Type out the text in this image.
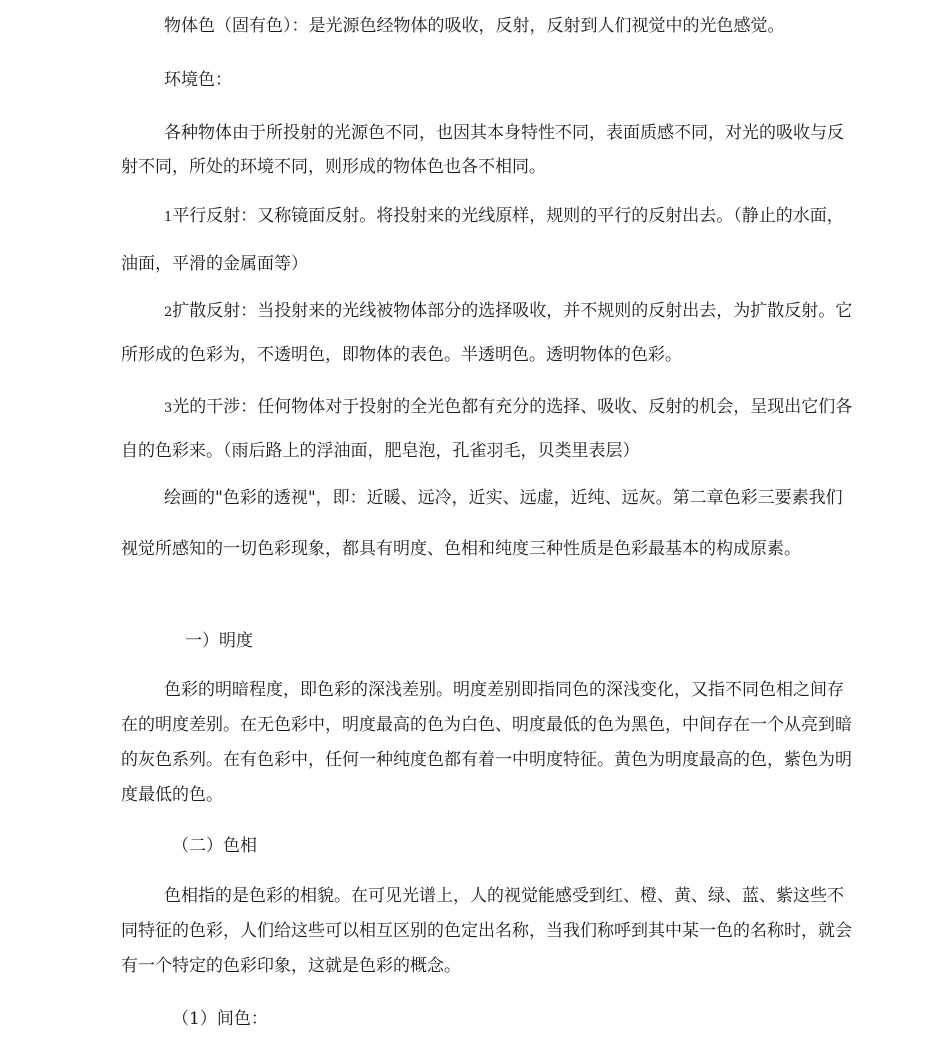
物体色（固有色）：是光源色经物体的吸收，反射，反射到人们视觉中的光色感觉。

环境色：

各种物体由于所投射的光源色不同，也因其本身特性不同，表面质感不同，对光的吸收与反射不同，所处的环境不同，则形成的物体色也各不相同。

1平行反射：又称镜面反射。将投射来的光线原样，规则的平行的反射出去。（静止的水面，油面，平滑的金属面等）

2扩散反射：当投射来的光线被物体部分的选择吸收，并不规则的反射出去，为扩散反射。它所形成的色彩为，不透明色，即物体的表色。半透明色。透明物体的色彩。

3光的干涉：任何物体对于投射的全光色都有充分的选择、吸收、反射的机会，呈现出它们各自的色彩来。（雨后路上的浮油面，肥皂泡，孔雀羽毛，贝类里表层）

绘画的"色彩的透视"，即：近暖、远冷，近实、远虚，近纯、远灰。第二章色彩三要素我们视觉所感知的一切色彩现象，都具有明度、色相和纯度三种性质是色彩最基本的构成原素。

一）明度

色彩的明暗程度，即色彩的深浅差别。明度差别即指同色的深浅变化，又指不同色相之间存在的明度差别。在无色彩中，明度最高的色为白色、明度最低的色为黑色，中间存在一个从亮到暗的灰色系列。在有色彩中，任何一种纯度色都有着一中明度特征。黄色为明度最高的色，紫色为明度最低的色。

（二）色相

色相指的是色彩的相貌。在可见光谱上，人的视觉能感受到红、橙、黄、绿、蓝、紫这些不同特征的色彩，人们给这些可以相互区别的色定出名称，当我们称呼到其中某一色的名称时，就会有一个特定的色彩印象，这就是色彩的概念。

（1）间色：
